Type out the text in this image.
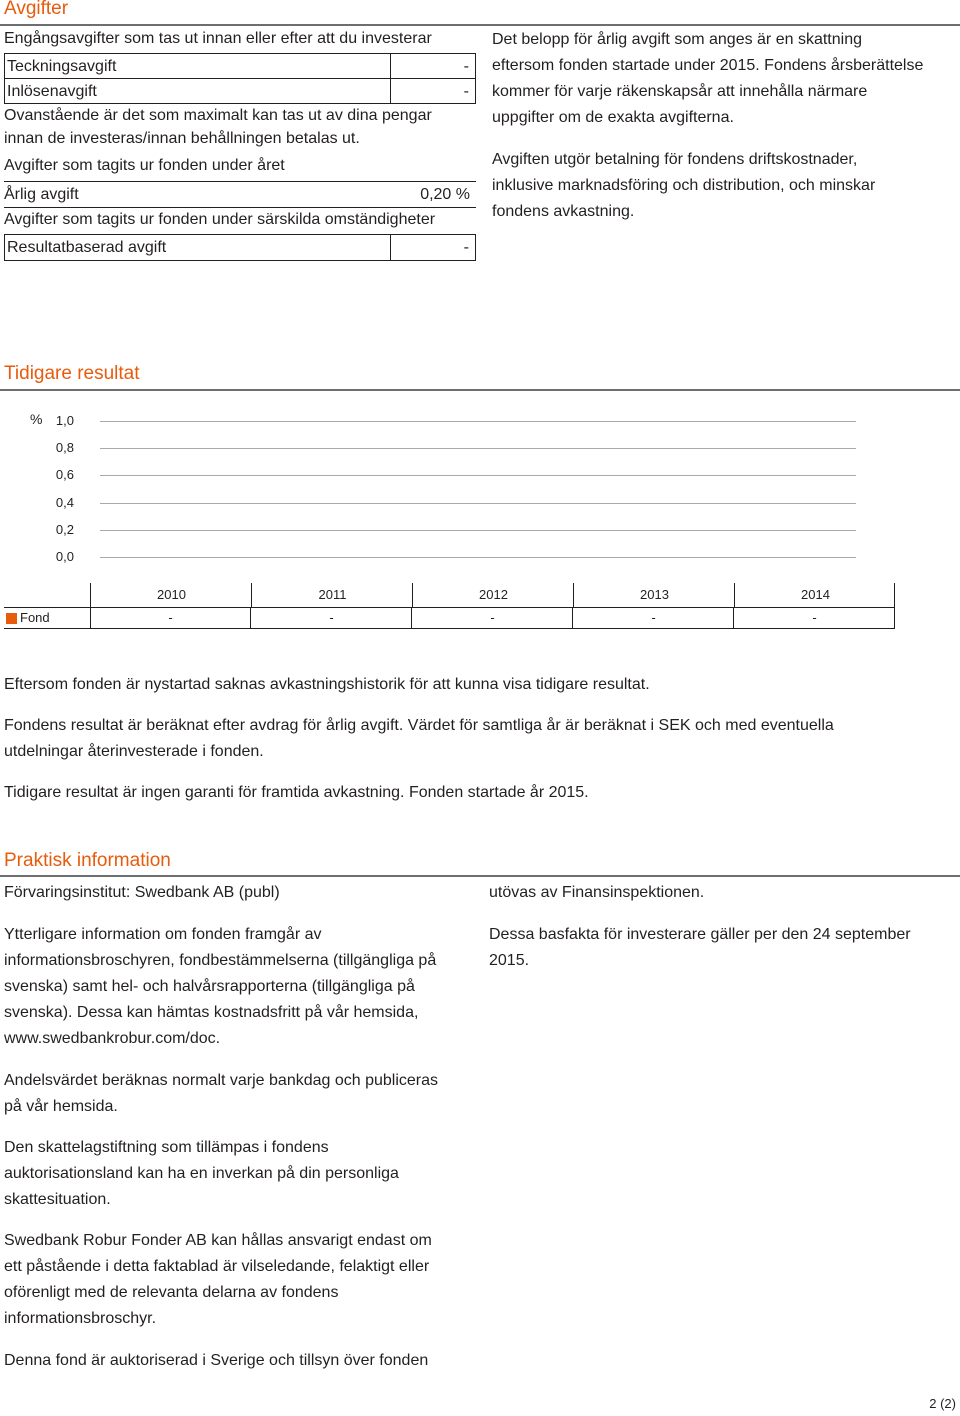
Avgifter
Engångsavgifter som tas ut innan eller efter att du investerar
Teckningsavgift	-
Inlösenavgift	-
Ovanstående är det som maximalt kan tas ut av dina pengar
innan de investeras/innan behållningen betalas ut.
Avgifter som tagits ur fonden under året
Årlig avgift	0,20 %
Avgifter som tagits ur fonden under särskilda omständigheter
Resultatbaserad avgift	-
Det belopp för årlig avgift som anges är en skattning
eftersom fonden startade under 2015. Fondens årsberättelse
kommer för varje räkenskapsår att innehålla närmare
uppgifter om de exakta avgifterna.
Avgiften utgör betalning för fondens driftskostnader,
inklusive marknadsföring och distribution, och minskar
fondens avkastning.
Tidigare resultat
%	1,0
0,8
0,6
0,4
0,2
0,0
2010	2011	2012	2013	2014
Fond	-	-	-	-	-

Eftersom fonden är nystartad saknas avkastningshistorik för att kunna visa tidigare resultat.

Fondens resultat är beräknat efter avdrag för årlig avgift. Värdet för samtliga år är beräknat i SEK och med eventuella
utdelningar återinvesterade i fonden.

Tidigare resultat är ingen garanti för framtida avkastning. Fonden startade år 2015.

Praktisk information
Förvaringsinstitut: Swedbank AB (publ)
Ytterligare information om fonden framgår av
informationsbroschyren, fondbestämmelserna (tillgängliga på
svenska) samt hel- och halvårsrapporterna (tillgängliga på
svenska). Dessa kan hämtas kostnadsfritt på vår hemsida,
www.swedbankrobur.com/doc.
Andelsvärdet beräknas normalt varje bankdag och publiceras
på vår hemsida.
Den skattelagstiftning som tillämpas i fondens
auktorisationsland kan ha en inverkan på din personliga
skattesituation.
Swedbank Robur Fonder AB kan hållas ansvarigt endast om
ett påstående i detta faktablad är vilseledande, felaktigt eller
oförenligt med de relevanta delarna av fondens
informationsbroschyr.
Denna fond är auktoriserad i Sverige och tillsyn över fonden
utövas av Finansinspektionen.
Dessa basfakta för investerare gäller per den 24 september
2015.
2 (2)
